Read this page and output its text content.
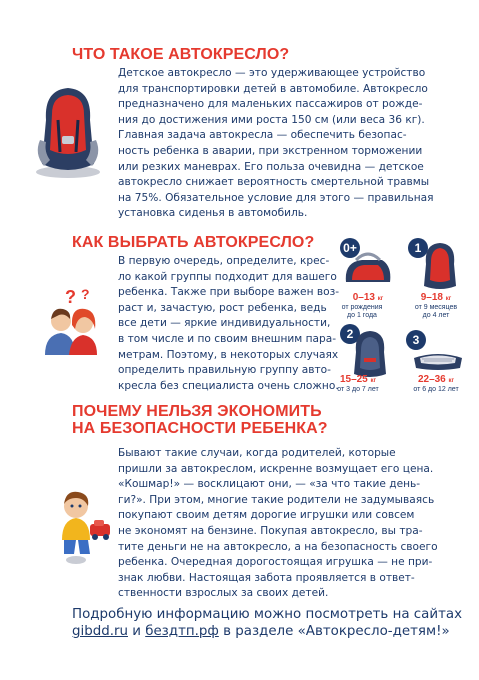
ЧТО ТАКОЕ АВТОКРЕСЛО?

Детское автокресло — это удерживающее устройство
для транспортировки детей в автомобиле. Автокресло
предназначено для маленьких пассажиров от рожде-
ния до достижения ими роста 150 см (или веса 36 кг).
Главная задача автокресла — обеспечить безопас-
ность ребенка в аварии, при экстренном торможении
или резких маневрах. Его польза очевидна — детское
автокресло снижает вероятность смертельной травмы
на 75%. Обязательное условие для этого — правильная
установка сиденья в автомобиль.

КАК ВЫБРАТЬ АВТОКРЕСЛО?
? ?

В первую очередь, определите, крес-
ло какой группы подходит для вашего
ребенка. Также при выборе важен воз-
раст и, зачастую, рост ребенка, ведь
все дети — яркие индивидуальности,
в том числе и по своим внешним пара-
метрам. Поэтому, в некоторых случаях
определить правильную группу авто-
кресла без специалиста очень сложно.

0+
0–13 кг
от рождения до 1 года
1
9–18 кг
от 9 месяцев до 4 лет
2
15–25 кг
от 3 до 7 лет
3
22–36 кг
от 6 до 12 лет
ПОЧЕМУ НЕЛЬЗЯ ЭКОНОМИТЬ
НА БЕЗОПАСНОСТИ РЕБЕНКА?

Бывают такие случаи, когда родителей, которые
пришли за автокреслом, искренне возмущает его цена.
«Кошмар!» — восклицают они, — «за что такие день-
ги?». При этом, многие такие родители не задумываясь
покупают своим детям дорогие игрушки или совсем
не экономят на бензине. Покупая автокресло, вы тра-
тите деньги не на автокресло, а на безопасность своего
ребенка. Очередная дорогостоящая игрушка — не при-
знак любви. Настоящая забота проявляется в ответ-
ственности взрослых за своих детей.

Подробную информацию можно посмотреть на сайтах
gibdd.ru и бездтп.рф в разделе «Автокресло-детям!»
